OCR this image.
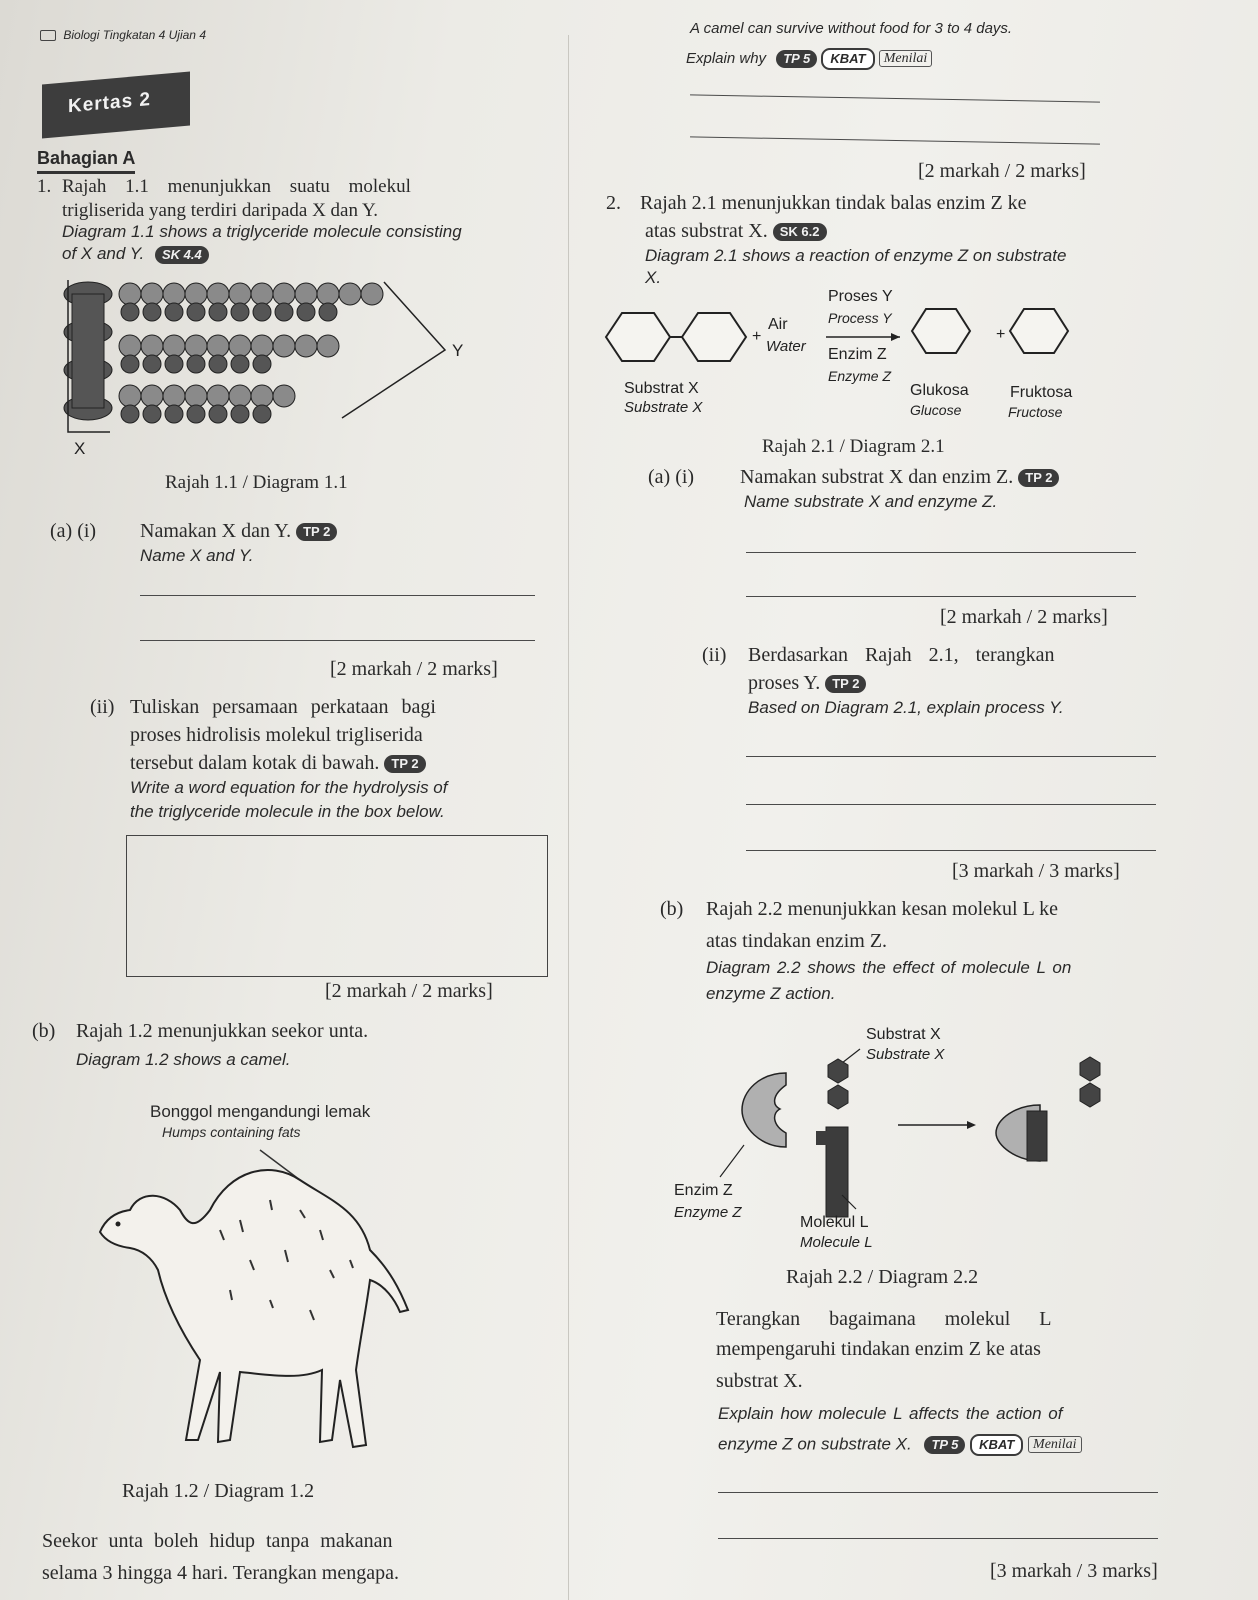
Biologi Tingkatan 4 Ujian 4
Kertas 2
Bahagian A
1. Rajah 1.1 menunjukkan suatu molekul
trigliserida yang terdiri daripada X dan Y.
Diagram 1.1 shows a triglyceride molecule consisting
of X and Y. SK 4.4
Y
X
Rajah 1.1 / Diagram 1.1
(a) (i) Namakan X dan Y. TP 2
Name X and Y.
[2 markah / 2 marks]
(ii) Tuliskan persamaan perkataan bagi
proses hidrolisis molekul trigliserida
tersebut dalam kotak di bawah. TP 2
Write a word equation for the hydrolysis of
the triglyceride molecule in the box below.
[2 markah / 2 marks]
(b) Rajah 1.2 menunjukkan seekor unta.
Diagram 1.2 shows a camel.
Bonggol mengandungi lemak
Humps containing fats
Rajah 1.2 / Diagram 1.2
Seekor unta boleh hidup tanpa makanan
selama 3 hingga 4 hari. Terangkan mengapa.
A camel can survive without food for 3 to 4 days.
Explain why TP 5 KBAT Menilai
[2 markah / 2 marks]
2. Rajah 2.1 menunjukkan tindak balas enzim Z ke
atas substrat X. SK 6.2
Diagram 2.1 shows a reaction of enzyme Z on substrate
X.
+
Air
Water
Proses Y
Process Y
Enzim Z
Enzyme Z
+
Substrat X
Substrate X
Glukosa
Glucose
Fruktosa
Fructose
Rajah 2.1 / Diagram 2.1
(a) (i) Namakan substrat X dan enzim Z. TP 2
Name substrate X and enzyme Z.
[2 markah / 2 marks]
(ii) Berdasarkan Rajah 2.1, terangkan
proses Y. TP 2
Based on Diagram 2.1, explain process Y.
[3 markah / 3 marks]
(b) Rajah 2.2 menunjukkan kesan molekul L ke
atas tindakan enzim Z.
Diagram 2.2 shows the effect of molecule L on
enzyme Z action.
Substrat X
Substrate X
Enzim Z
Enzyme Z
Molekul L
Molecule L
Rajah 2.2 / Diagram 2.2
Terangkan bagaimana molekul L
mempengaruhi tindakan enzim Z ke atas
substrat X.
Explain how molecule L affects the action of
enzyme Z on substrate X. TP 5 KBAT Menilai
[3 markah / 3 marks]
